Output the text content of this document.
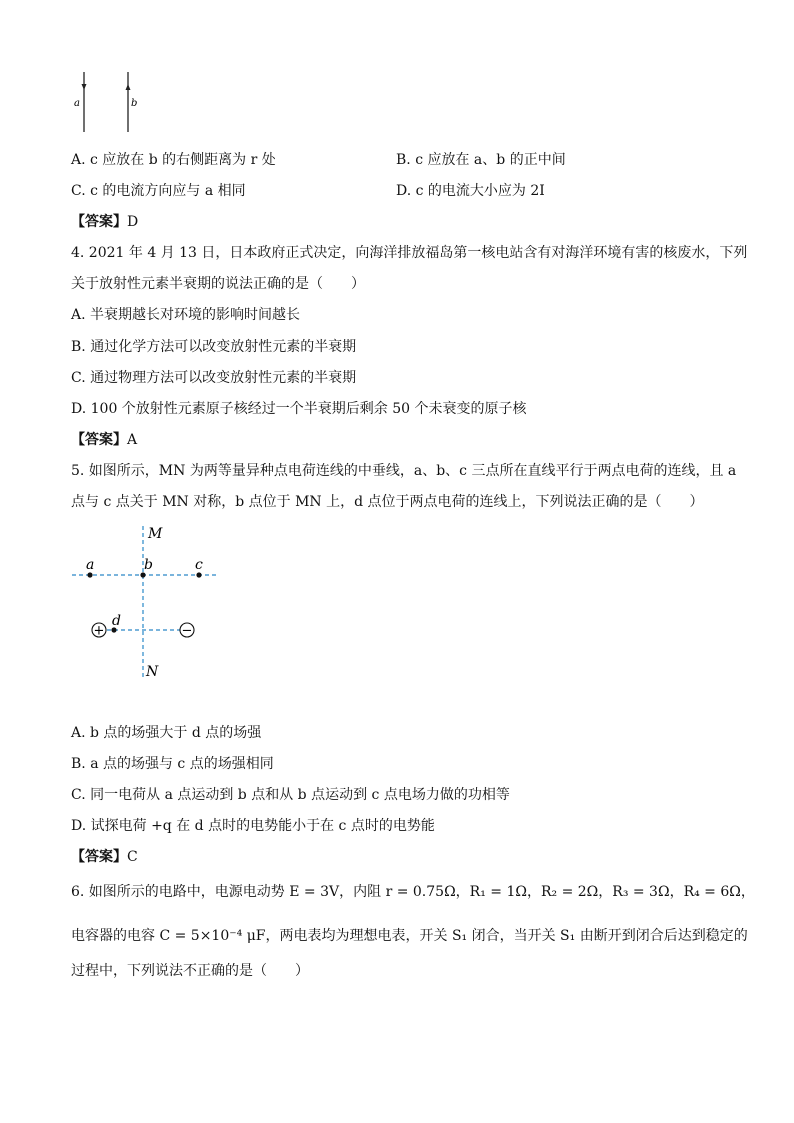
a	b
A. c 应放在 b 的右侧距离为 r 处	B. c 应放在 a、b 的正中间
C. c 的电流方向应与 a 相同	D. c 的电流大小应为 2I
【答案】D
4. 2021 年 4 月 13 日，日本政府正式决定，向海洋排放福岛第一核电站含有对海洋环境有害的核废水，下列
关于放射性元素半衰期的说法正确的是（　　）
A. 半衰期越长对环境的影响时间越长
B. 通过化学方法可以改变放射性元素的半衰期
C. 通过物理方法可以改变放射性元素的半衰期
D. 100 个放射性元素原子核经过一个半衰期后剩余 50 个未衰变的原子核
【答案】A
5. 如图所示，MN 为两等量异种点电荷连线的中垂线，a、b、c 三点所在直线平行于两点电荷的连线，且 a
点与 c 点关于 MN 对称，b 点位于 MN 上，d 点位于两点电荷的连线上，下列说法正确的是（　　）
M
N
a	b	c
d
+	−
A. b 点的场强大于 d 点的场强
B. a 点的场强与 c 点的场强相同
C. 同一电荷从 a 点运动到 b 点和从 b 点运动到 c 点电场力做的功相等
D. 试探电荷 +q 在 d 点时的电势能小于在 c 点时的电势能
【答案】C
6. 如图所示的电路中，电源电动势 E = 3V，内阻 r = 0.75Ω，R₁ = 1Ω，R₂ = 2Ω，R₃ = 3Ω，R₄ = 6Ω，
电容器的电容 C = 5×10⁻⁴ μF，两电表均为理想电表，开关 S₁ 闭合，当开关 S₁ 由断开到闭合后达到稳定的
过程中，下列说法不正确的是（　　）
